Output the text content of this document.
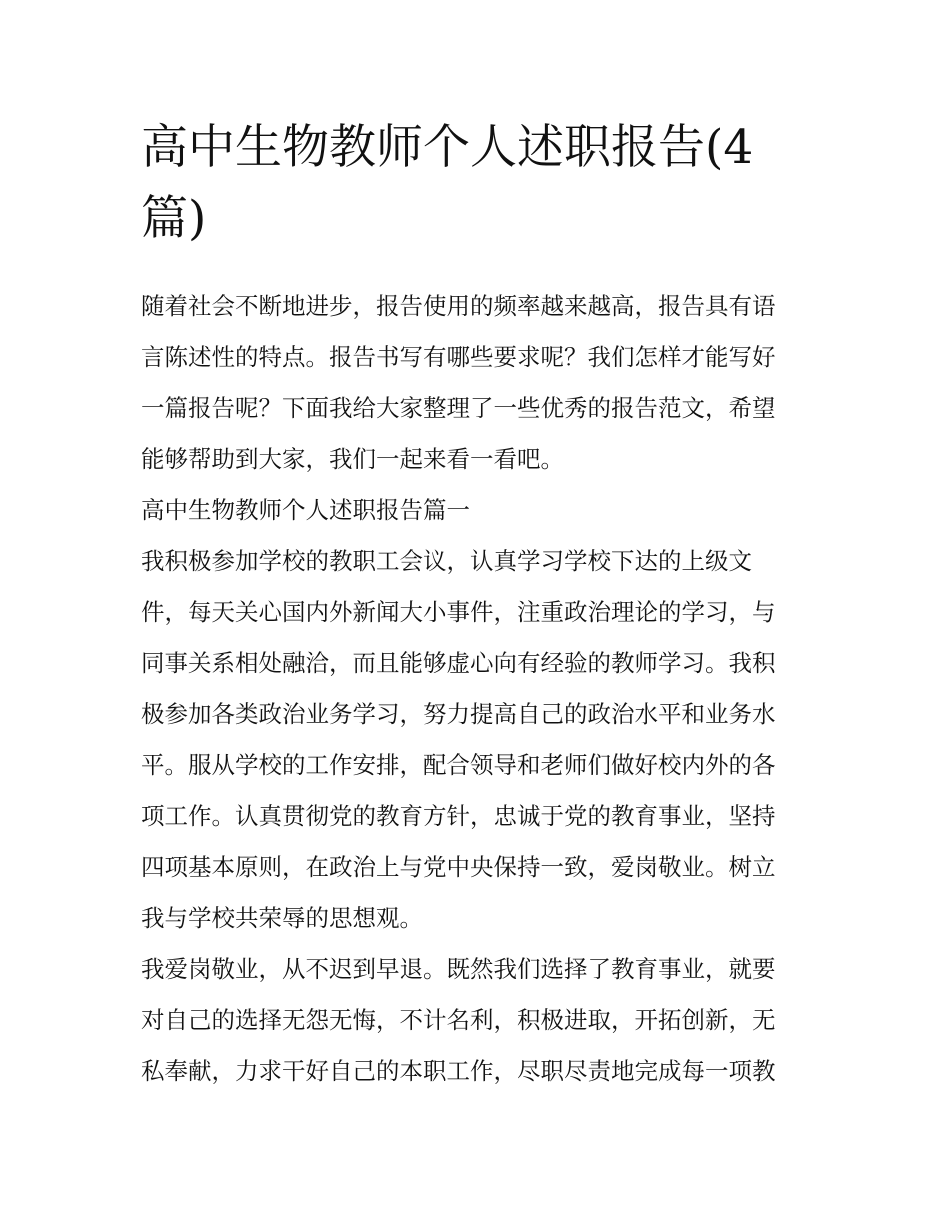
高中生物教师个人述职报告(4
篇)

随着社会不断地进步，报告使用的频率越来越高，报告具有语

言陈述性的特点。报告书写有哪些要求呢？我们怎样才能写好

一篇报告呢？下面我给大家整理了一些优秀的报告范文，希望

能够帮助到大家，我们一起来看一看吧。

高中生物教师个人述职报告篇一

我积极参加学校的教职工会议，认真学习学校下达的上级文

件，每天关心国内外新闻大小事件，注重政治理论的学习，与

同事关系相处融洽，而且能够虚心向有经验的教师学习。我积

极参加各类政治业务学习，努力提高自己的政治水平和业务水

平。服从学校的工作安排，配合领导和老师们做好校内外的各

项工作。认真贯彻党的教育方针，忠诚于党的教育事业，坚持

四项基本原则，在政治上与党中央保持一致，爱岗敬业。树立

我与学校共荣辱的思想观。

我爱岗敬业，从不迟到早退。既然我们选择了教育事业，就要

对自己的选择无怨无悔，不计名利，积极进取，开拓创新，无

私奉献，力求干好自己的本职工作，尽职尽责地完成每一项教
